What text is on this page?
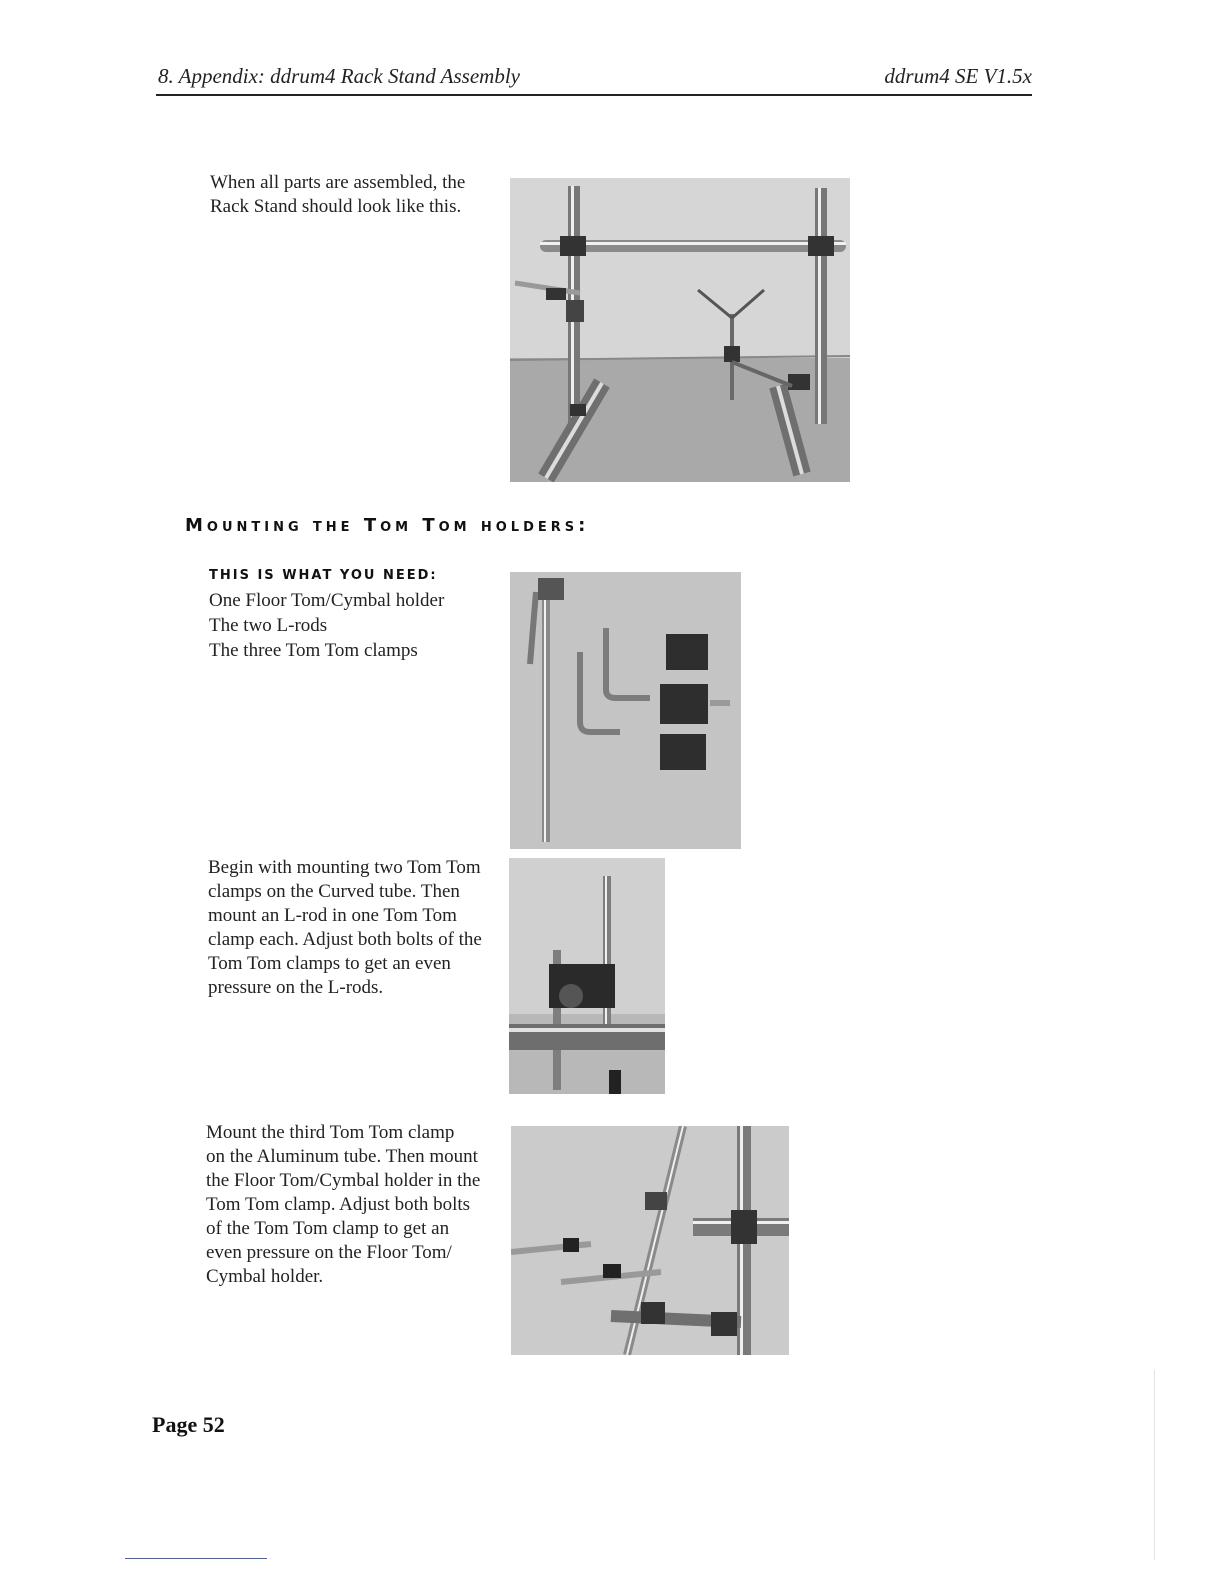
8. Appendix: ddrum4 Rack Stand Assembly	ddrum4 SE V1.5x

When all parts are assembled, the

Rack Stand should look like this.

Mounting the Tom Tom holders:
THIS IS WHAT YOU NEED:
One Floor Tom/Cymbal holder
The two L-rods
The three Tom Tom clamps

Begin with mounting two Tom Tom

clamps on the Curved tube. Then

mount an L-rod in one Tom Tom

clamp each. Adjust both bolts of the

Tom Tom clamps to get an even

pressure on the L-rods.

Mount the third Tom Tom clamp

on the Aluminum tube. Then mount

the Floor Tom/Cymbal holder in the

Tom Tom clamp. Adjust both bolts

of the Tom Tom clamp to get an

even pressure on the Floor Tom/

Cymbal holder.

Page 52
